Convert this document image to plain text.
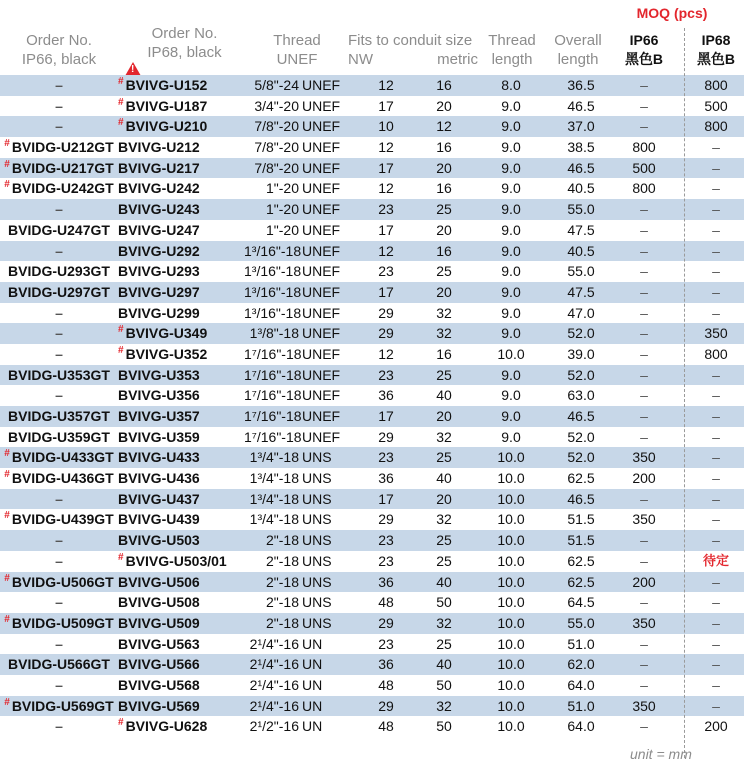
MOQ (pcs)
Order No.
IP66, black
Order No.
IP68, black
!
Thread
UNEF
Fits to conduit size
NW	metric
Thread
length
Overall
length
IP66
黑色B
IP68
黑色B
–	# BVIVG-U152	5/8"-24 UNEF	12	16	8.0	36.5	–	800
–	# BVIVG-U187	3/4"-20 UNEF	17	20	9.0	46.5	–	500
–	# BVIVG-U210	7/8"-20 UNEF	10	12	9.0	37.0	–	800
# BVIDG-U212GT BVIVG-U212	7/8"-20 UNEF	12	16	9.0	38.5	800	–
# BVIDG-U217GT BVIVG-U217	7/8"-20 UNEF	17	20	9.0	46.5	500	–
# BVIDG-U242GT BVIVG-U242	1"-20 UNEF	12	16	9.0	40.5	800	–
–	BVIVG-U243	1"-20 UNEF	23	25	9.0	55.0	–	–
BVIDG-U247GT BVIVG-U247	1"-20 UNEF	17	20	9.0	47.5	–	–
–	BVIVG-U292	1³/16"-18 UNEF	12	16	9.0	40.5	–	–
BVIDG-U293GT BVIVG-U293	1³/16"-18 UNEF	23	25	9.0	55.0	–	–
BVIDG-U297GT BVIVG-U297	1³/16"-18 UNEF	17	20	9.0	47.5	–	–
–	BVIVG-U299	1³/16"-18 UNEF	29	32	9.0	47.0	–	–
–	# BVIVG-U349	1³/8"-18 UNEF	29	32	9.0	52.0	–	350
–	# BVIVG-U352	1⁷/16"-18 UNEF	12	16	10.0	39.0	–	800
BVIDG-U353GT BVIVG-U353	1⁷/16"-18 UNEF	23	25	9.0	52.0	–	–
–	BVIVG-U356	1⁷/16"-18 UNEF	36	40	9.0	63.0	–	–
BVIDG-U357GT BVIVG-U357	1⁷/16"-18 UNEF	17	20	9.0	46.5	–	–
BVIDG-U359GT BVIVG-U359	1⁷/16"-18 UNEF	29	32	9.0	52.0	–	–
# BVIDG-U433GT BVIVG-U433	1³/4"-18 UNS	23	25	10.0	52.0	350	–
# BVIDG-U436GT BVIVG-U436	1³/4"-18 UNS	36	40	10.0	62.5	200	–
–	BVIVG-U437	1³/4"-18 UNS	17	20	10.0	46.5	–	–
# BVIDG-U439GT BVIVG-U439	1³/4"-18 UNS	29	32	10.0	51.5	350	–
–	BVIVG-U503	2"-18 UNS	23	25	10.0	51.5	–	–
–	# BVIVG-U503/01	2"-18 UNS	23	25	10.0	62.5	–	待定
# BVIDG-U506GT BVIVG-U506	2"-18 UNS	36	40	10.0	62.5	200	–
–	BVIVG-U508	2"-18 UNS	48	50	10.0	64.5	–	–
# BVIDG-U509GT BVIVG-U509	2"-18 UNS	29	32	10.0	55.0	350	–
–	BVIVG-U563	2¹/4"-16 UN	23	25	10.0	51.0	–	–
BVIDG-U566GT BVIVG-U566	2¹/4"-16 UN	36	40	10.0	62.0	–	–
–	BVIVG-U568	2¹/4"-16 UN	48	50	10.0	64.0	–	–
# BVIDG-U569GT BVIVG-U569	2¹/4"-16 UN	29	32	10.0	51.0	350	–
–	# BVIVG-U628	2¹/2"-16 UN	48	50	10.0	64.0	–	200
unit = mm
